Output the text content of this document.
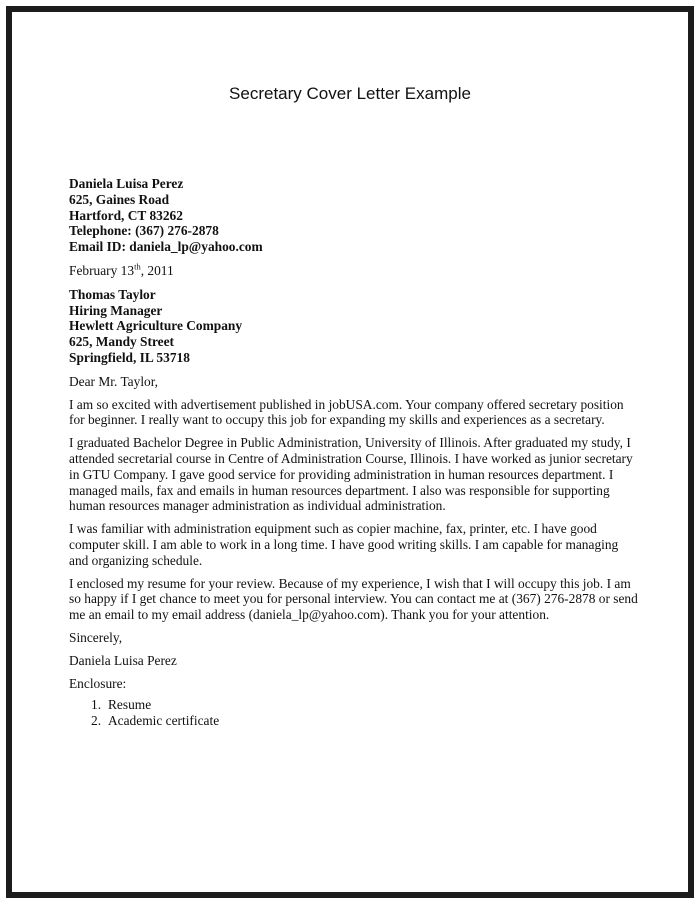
Secretary Cover Letter Example
Daniela Luisa Perez
625, Gaines Road
Hartford, CT 83262
Telephone: (367) 276-2878
Email ID: daniela_lp@yahoo.com
February 13th, 2011
Thomas Taylor
Hiring Manager
Hewlett Agriculture Company
625, Mandy Street
Springfield, IL 53718
Dear Mr. Taylor,

I am so excited with advertisement published in jobUSA.com. Your company offered secretary position for beginner. I really want to occupy this job for expanding my skills and experiences as a secretary.

I graduated Bachelor Degree in Public Administration, University of Illinois. After graduated my study, I attended secretarial course in Centre of Administration Course, Illinois. I have worked as junior secretary in GTU Company. I gave good service for providing administration in human resources department. I managed mails, fax and emails in human resources department. I also was responsible for supporting human resources manager administration as individual administration.

I was familiar with administration equipment such as copier machine, fax, printer, etc. I have good computer skill. I am able to work in a long time. I have good writing skills. I am capable for managing and organizing schedule.

I enclosed my resume for your review. Because of my experience, I wish that I will occupy this job. I am so happy if I get chance to meet you for personal interview. You can contact me at (367) 276-2878 or send me an email to my email address (daniela_lp@yahoo.com). Thank you for your attention.

Sincerely,
Daniela Luisa Perez
Enclosure:
1. Resume
2. Academic certificate
